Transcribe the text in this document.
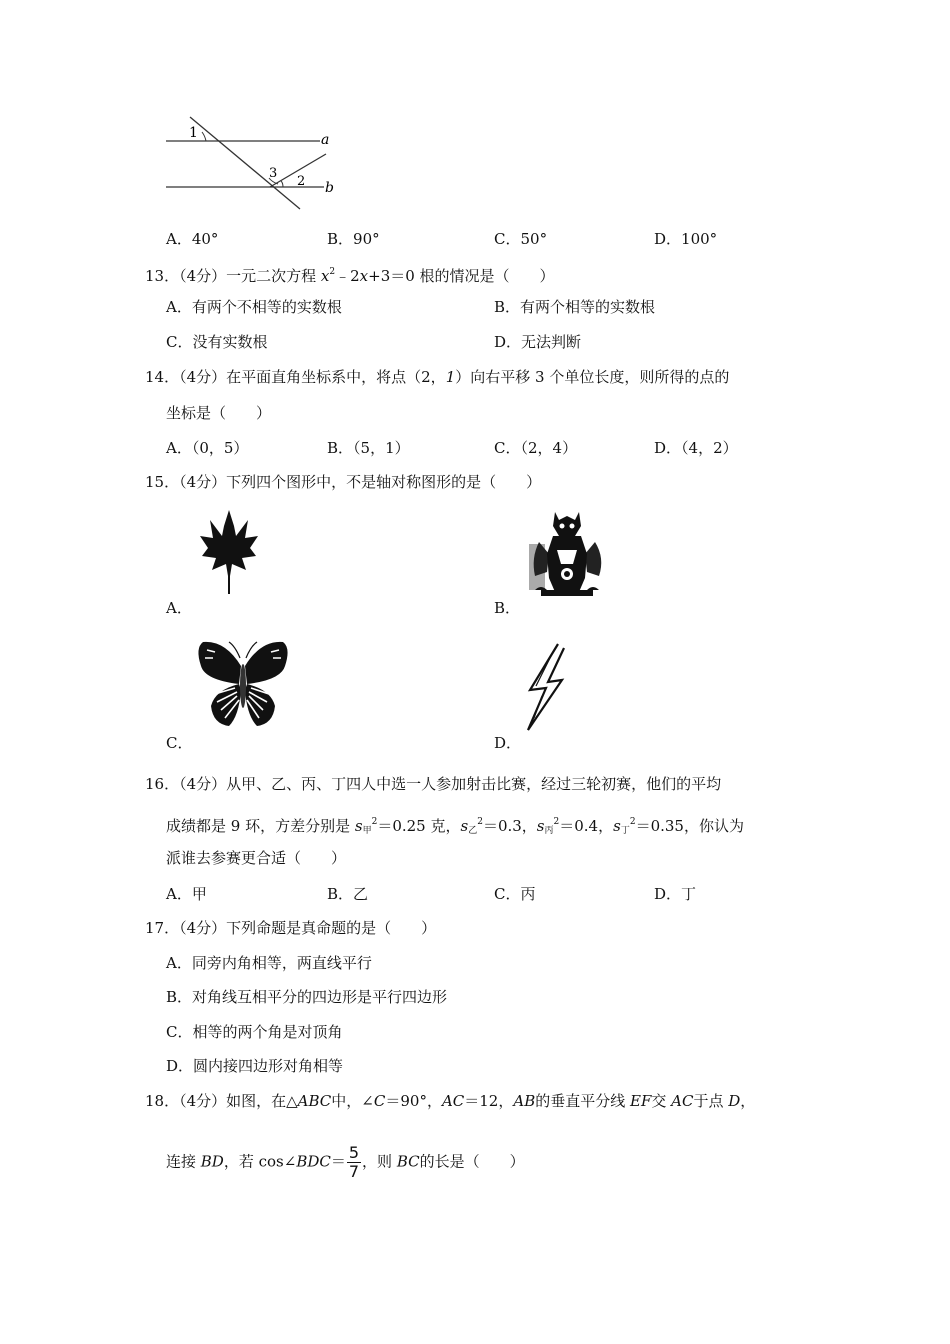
1
3
2
a
b
A．40°	B．90°	C．50°	D．100°
13．（4分）一元二次方程 $x^2﹣2x+3=0$ 根的情况是（　　）
A．有两个不相等的实数根	B．有两个相等的实数根
C．没有实数根	D．无法判断
14．（4分）在平面直角坐标系中，将点（2，1）向右平移 3 个单位长度，则所得的点的
坐标是（　　）
A．（0，5）	B．（5，1）	C．（2，4）	D．（4，2）
15．（4分）下列四个图形中，不是轴对称图形的是（　　）
A．	B．
C．	D．
16．（4分）从甲、乙、丙、丁四人中选一人参加射击比赛，经过三轮初赛，他们的平均
成绩都是 9 环，方差分别是 $s_甲^2=0.25$ 克，$s_乙^2=0.3$，$s_丙^2=0.4$，$s_丁^2=0.35$，你认为
派谁去参赛更合适（　　）
A．甲	B．乙	C．丙	D．丁
17．（4分）下列命题是真命题的是（　　）
A．同旁内角相等，两直线平行
B．对角线互相平分的四边形是平行四边形
C．相等的两个角是对顶角
D．圆内接四边形对角相等
18．（4分）如图，在△ABC中，∠C＝90°，AC＝12，AB的垂直平分线 EF交 AC于点 D，
连接 BD，若 cos∠BDC＝ $\frac{5}{7}$ ，则 BC的长是（　　）
